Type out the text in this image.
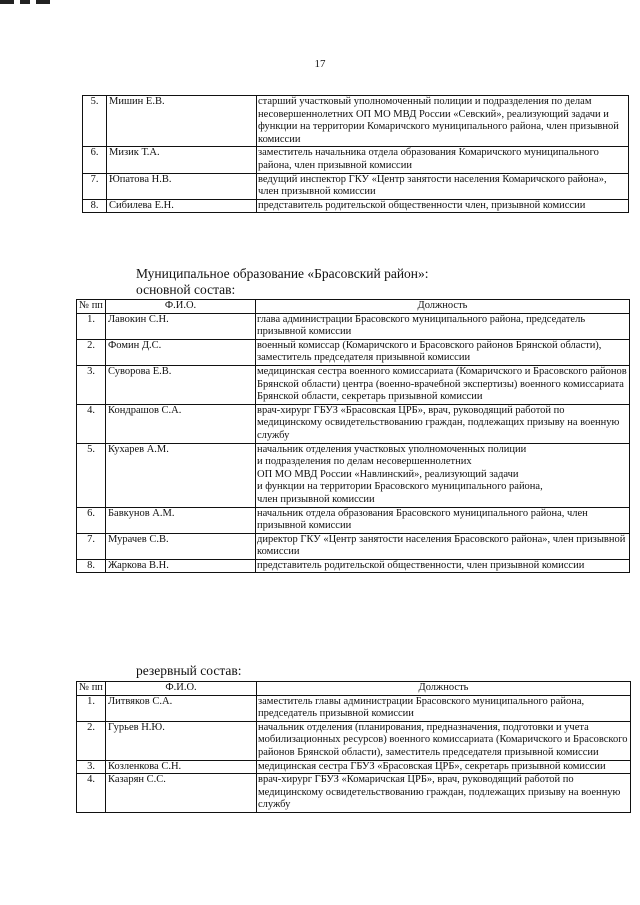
17
5.	Мишин Е.В.	старший участковый уполномоченный полиции и подразделения по делам несовершеннолетних ОП МО МВД России «Севский», реализующий задачи и функции на территории Комаричского муниципального района, член призывной комиссии
6.	Мизик Т.А.	заместитель начальника отдела образования Комаричского муниципального района, член призывной комиссии
7.	Юпатова Н.В.	ведущий инспектор ГКУ «Центр занятости населения Комаричского района», член призывной комиссии
8.	Сибилева Е.Н.	представитель родительской общественности член, призывной комиссии
Муниципальное образование «Брасовский район»:
основной состав:
№ пп	Ф.И.О.	Должность
1.	Лавокин С.Н.	глава администрации Брасовского муниципального района, председатель призывной комиссии
2.	Фомин Д.С.	военный комиссар (Комаричского и Брасовского районов Брянской области), заместитель председателя призывной комиссии
3.	Суворова Е.В.	медицинская сестра военного комиссариата (Комаричского и Брасовского районов Брянской области) центра (военно-врачебной экспертизы) военного комиссариата Брянской области, секретарь призывной комиссии
4.	Кондрашов С.А.	врач-хирург ГБУЗ «Брасовская ЦРБ», врач, руководящий работой по медицинскому освидетельствованию граждан, подлежащих призыву на военную службу
5.	Кухарев А.М.	начальник отделения участковых уполномоченных полиции
и подразделения по делам несовершеннолетних
ОП МО МВД России «Навлинский», реализующий задачи
и функции на территории Брасовского муниципального района,
член призывной комиссии

6.	Бавкунов А.М.	начальник отдела образования Брасовского муниципального района, член призывной комиссии
7.	Мурачев С.В.	директор ГКУ «Центр занятости населения Брасовского района», член призывной комиссии
8.	Жаркова В.Н.	представитель родительской общественности, член призывной комиссии
резервный состав:
№ пп	Ф.И.О.	Должность
1.	Литвяков С.А.	заместитель главы администрации Брасовского муниципального района, председатель призывной комиссии
2.	Гурьев Н.Ю.	начальник отделения (планирования, предназначения, подготовки и учета мобилизационных ресурсов) военного комиссариата (Комаричского и Брасовского районов Брянской области), заместитель председателя призывной комиссии
3.	Козленкова С.Н.	медицинская сестра ГБУЗ «Брасовская ЦРБ», секретарь призывной комиссии
4.	Казарян С.С.	врач-хирург ГБУЗ «Комаричская ЦРБ», врач, руководящий работой по медицинскому освидетельствованию граждан, подлежащих призыву на военную службу
